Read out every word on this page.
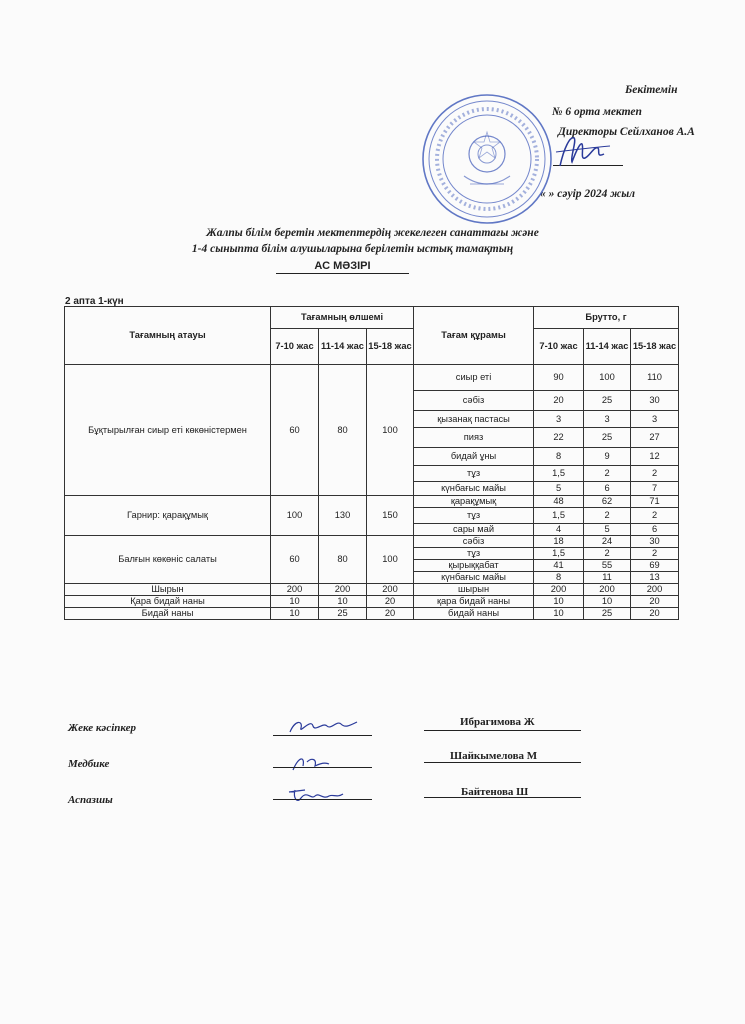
Бекітемін
№ 6 орта мектеп
Директоры Сейлханов А.А
« » сәуір 2024 жыл
Жалпы білім беретін мектептердің жекелеген санаттағы және
1-4 сыныпта білім алушыларына берілетін ыстық тамақтың
АС МӘЗІРІ
2 апта 1-күн
Тағамның атауы	Тағамның өлшемі			Тағам құрамы	Брутто, г		
	7-10 жас	11-14 жас	15-18 жас		7-10 жас	11-14 жас	15-18 жас
Бұқтырылған сиыр еті көкөністермен	60	80	100	сиыр еті	90	100	110
				сәбіз	20	25	30
				қызанақ пастасы	3	3	3
				пияз	22	25	27
				бидай ұны	8	9	12
				тұз	1,5	2	2
				күнбағыс майы	5	6	7
Гарнир: қарақұмық	100	130	150	қарақұмық	48	62	71
				тұз	1,5	2	2
				сары май	4	5	6
Балғын көкөніс салаты	60	80	100	сәбіз	18	24	30
				тұз	1,5	2	2
				қырыққабат	41	55	69
				күнбағыс майы	8	11	13
Шырын	200	200	200	шырын	200	200	200
Қара бидай наны	10	10	20	қара бидай наны	10	10	20
Бидай наны	10	25	20	бидай наны	10	25	20
Жеке кәсіпкер	Ибрагимова Ж
Медбике
Шайкымелова М
Аспазшы
Байтенова Ш
